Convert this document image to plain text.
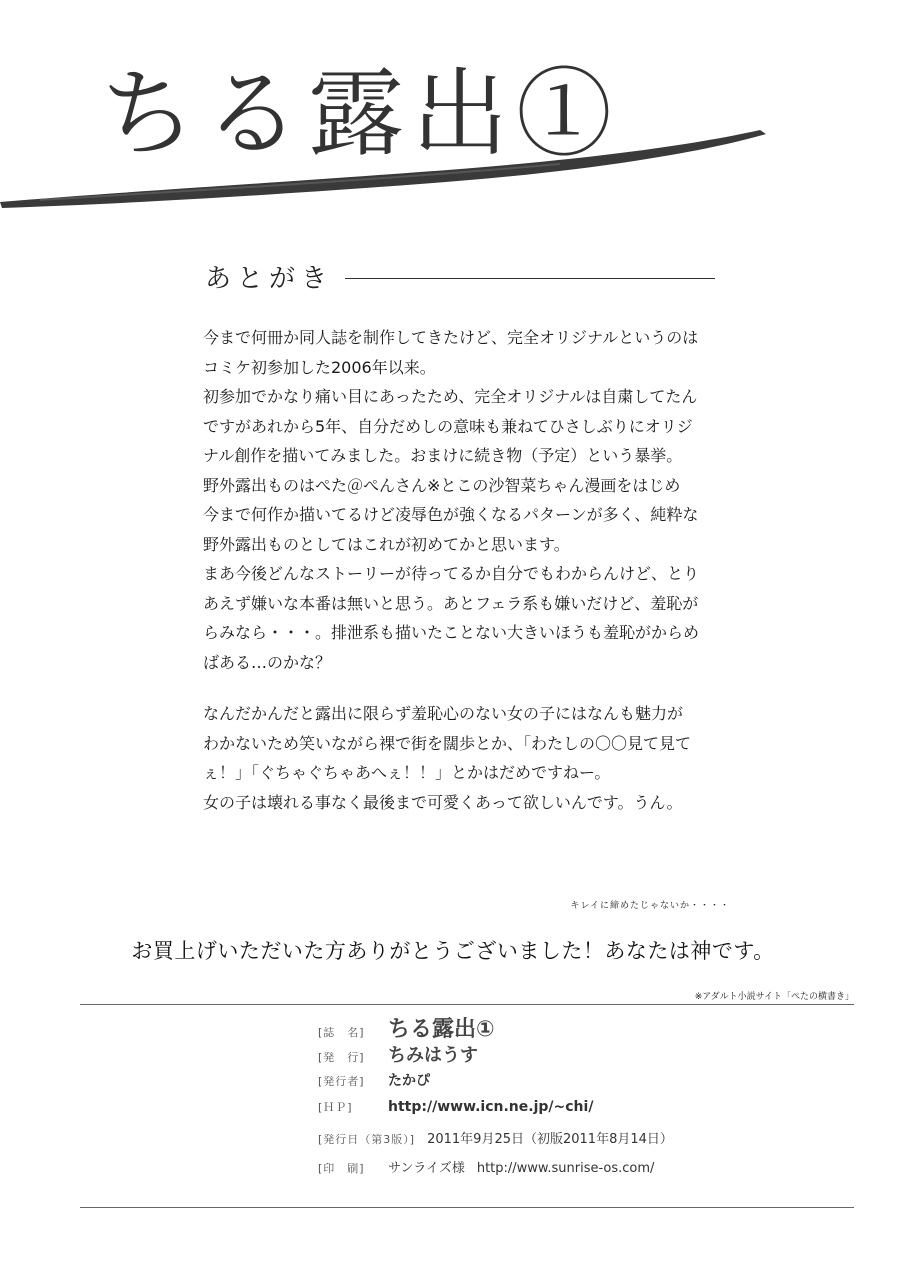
ちる露出①
あとがき
今まで何冊か同人誌を制作してきたけど、完全オリジナルというのは
コミケ初参加した2006年以来。
初参加でかなり痛い目にあったため、完全オリジナルは自粛してたん
ですがあれから5年、自分だめしの意味も兼ねてひさしぶりにオリジ
ナル創作を描いてみました。おまけに続き物（予定）という暴挙。
野外露出ものはぺた＠ぺんさん※とこの沙智菜ちゃん漫画をはじめ
今まで何作か描いてるけど凌辱色が強くなるパターンが多く、純粋な
野外露出ものとしてはこれが初めてかと思います。
まあ今後どんなストーリーが待ってるか自分でもわからんけど、とり
あえず嫌いな本番は無いと思う。あとフェラ系も嫌いだけど、羞恥が
らみなら・・・。排泄系も描いたことない大きいほうも羞恥がからめ
ばある…のかな？
なんだかんだと露出に限らず羞恥心のない女の子にはなんも魅力が
わかないため笑いながら裸で街を闊歩とか、「わたしの〇〇見て見て
ぇ！」「ぐちゃぐちゃあへぇ！！」とかはだめですねー。
女の子は壊れる事なく最後まで可愛くあって欲しいんです。うん。
キレイに締めたじゃないか・・・・
お買上げいただいた方ありがとうございました！あなたは神です。
※アダルト小説サイト「ぺたの横書き」
[誌　名]	ちる露出①
[発　行]	ちみはうす
[発行者]	たかぴ
[ＨＰ]	http://www.icn.ne.jp/~chi/
[発行日（第3版）] 2011年9月25日（初版2011年8月14日）
[印　刷]	サンライズ様 http://www.sunrise-os.com/
